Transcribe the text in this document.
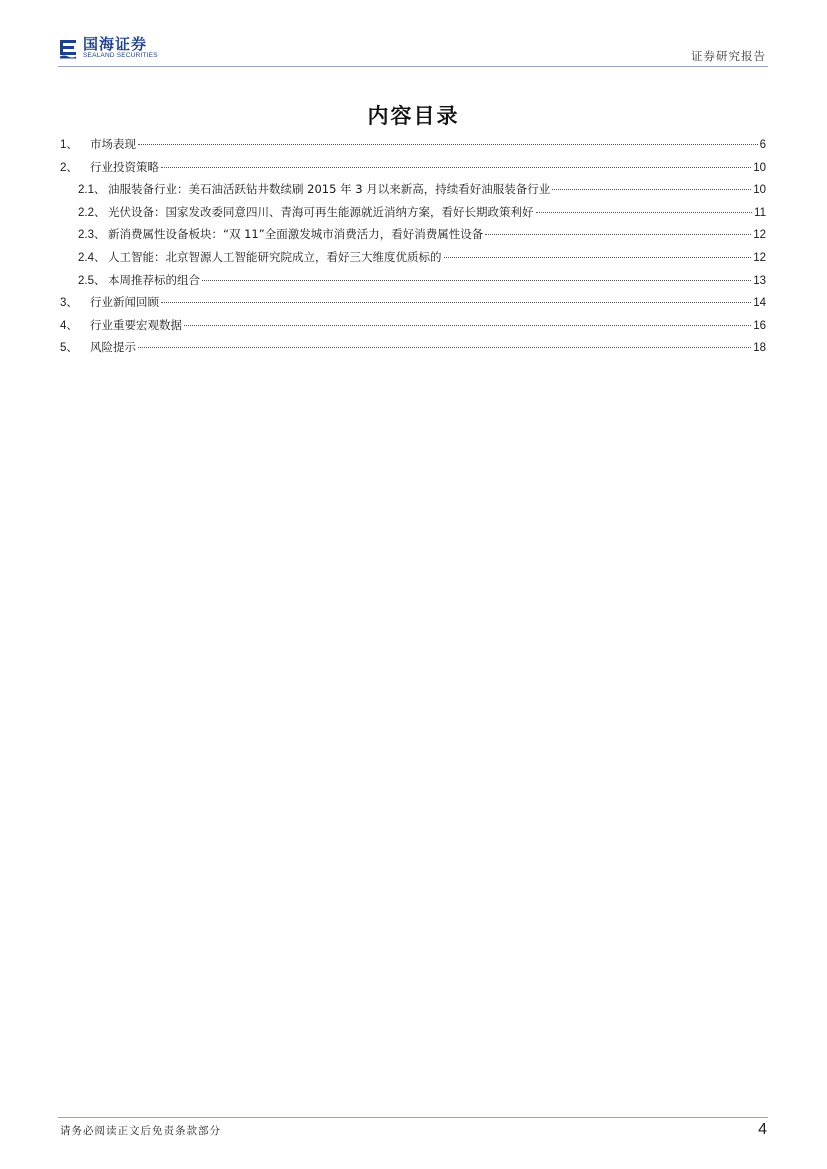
国海证券
SEALAND SECURITIES	证券研究报告
内容目录
1、	市场表现	6
2、	行业投资策略	10
2.1、 油服装备行业：美石油活跃钻井数续刷 2015 年 3 月以来新高，持续看好油服装备行业	10
2.2、 光伏设备：国家发改委同意四川、青海可再生能源就近消纳方案，看好长期政策利好	11
2.3、 新消费属性设备板块：“双 11”全面激发城市消费活力，看好消费属性设备	12
2.4、 人工智能：北京智源人工智能研究院成立，看好三大维度优质标的	12
2.5、 本周推荐标的组合	13
3、	行业新闻回顾	14
4、	行业重要宏观数据	16
5、	风险提示	18
请务必阅读正文后免责条款部分	4
